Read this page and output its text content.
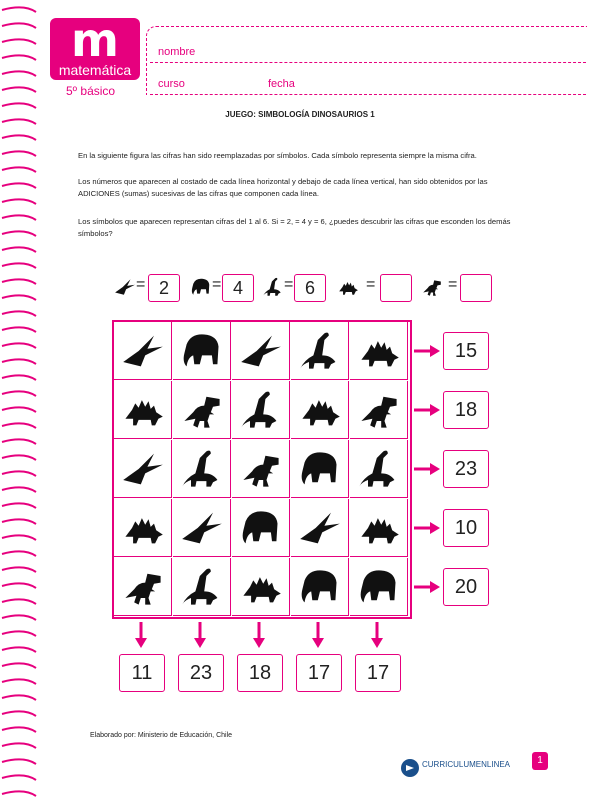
m
matemática
5º básico
nombre
curso	fecha
JUEGO: SIMBOLOGÍA DINOSAURIOS 1
En la siguiente figura las cifras han sido reemplazadas por símbolos. Cada símbolo representa siempre la misma cifra.
Los números que aparecen al costado de cada línea horizontal y debajo de cada línea vertical, han sido obtenidos por las ADICIONES (sumas) sucesivas de las cifras que componen cada línea.
Los símbolos que aparecen representan cifras del 1 al 6. Si = 2, = 4 y = 6, ¿puedes descubrir las cifras que esconden los demás símbolos?
= 2	= 4	= 6	=	=
15
18
23
10
20
11	23	18	17	17
Elaborado por: Ministerio de Educación, Chile
CURRICULUMENLINEA	1
